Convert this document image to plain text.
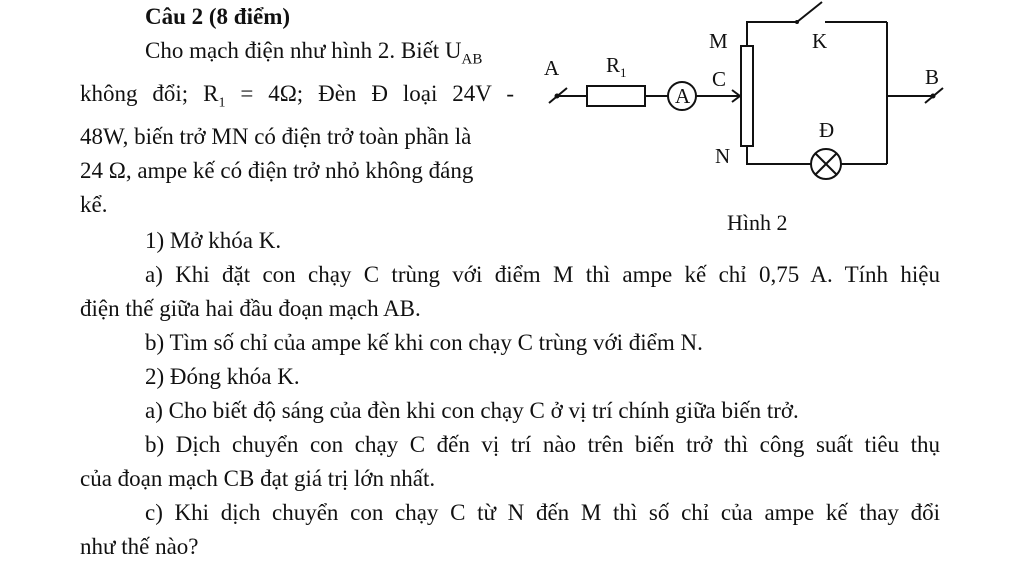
Câu 2 (8 điểm)
Cho mạch điện như hình 2. Biết $U_{AB}$
không đổi; $R_1 = 4\Omega$; Đèn Đ loại 24V -
48W, biến trở MN có điện trở toàn phần là
24 Ω, ampe kế có điện trở nhỏ không đáng
kể.
A $R_1$
A
M
C
N
K
B
Đ
Hình 2
1) Mở khóa K.
a) Khi đặt con chạy C trùng với điểm M thì ampe kế chỉ 0,75 A. Tính hiệu
điện thế giữa hai đầu đoạn mạch AB.
b) Tìm số chỉ của ampe kế khi con chạy C trùng với điểm N.
2) Đóng khóa K.
a) Cho biết độ sáng của đèn khi con chạy C ở vị trí chính giữa biến trở.
b) Dịch chuyển con chạy C đến vị trí nào trên biến trở thì công suất tiêu thụ
của đoạn mạch CB đạt giá trị lớn nhất.
c) Khi dịch chuyển con chạy C từ N đến M thì số chỉ của ampe kế thay đổi
như thế nào?
